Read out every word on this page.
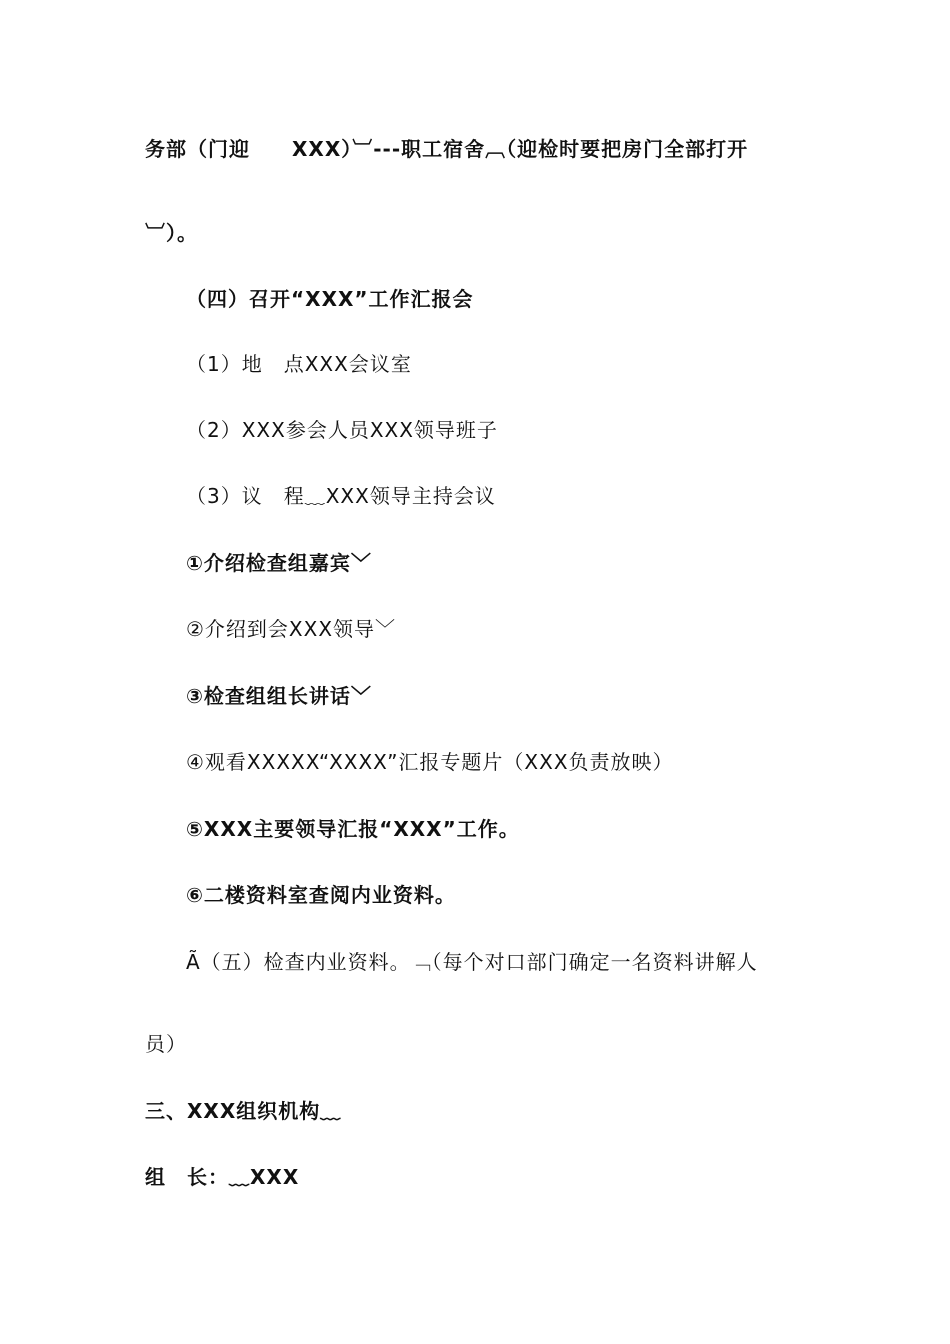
务部（门迎　　XXX）︺---职工宿舍︹（迎检时要把房门全部打开
︺）。
（四）召开“XXX”工作汇报会
（1）地　点XXX会议室
（2）XXX参会人员XXX领导班子
（3）议　程﹏XXX领导主持会议
①介绍检查组嘉宾﹀
②介绍到会XXX领导﹀
③检查组组长讲话﹀
④观看XXXXX“XXXX”汇报专题片（XXX负责放映）
⑤XXX主要领导汇报“XXX”工作。
⑥二楼资料室查阅内业资料。
Ã（五）检查内业资料。﹁（每个对口部门确定一名资料讲解人
员）
三、XXX组织机构﹏
组　长：﹏XXX
